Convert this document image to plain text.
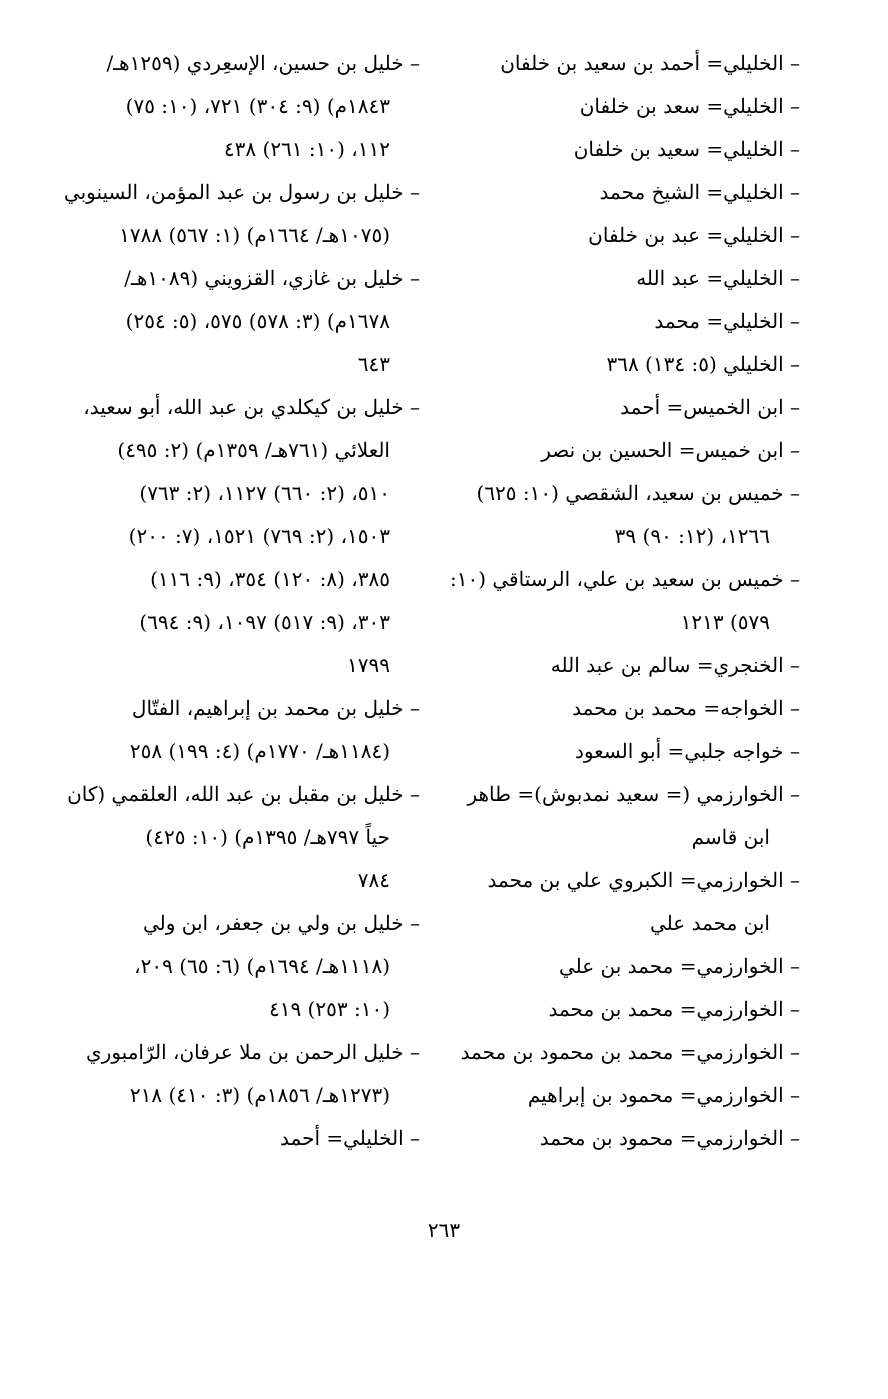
– خليل بن حسين، الإسعِردي (١٢٥٩هـ/
١٨٤٣م) (٩: ٣٠٤) ٧٢١، (١٠: ٧٥)
١١٢، (١٠: ٢٦١) ٤٣٨
– خليل بن رسول بن عبد المؤمن، السينوبي
(١٠٧٥هـ/ ١٦٦٤م) (١: ٥٦٧) ١٧٨٨
– خليل بن غازي، القزويني (١٠٨٩هـ/
١٦٧٨م) (٣: ٥٧٨) ٥٧٥، (٥: ٢٥٤)
٦٤٣
– خليل بن كيكلدي بن عبد الله، أبو سعيد،
العلائي (٧٦١هـ/ ١٣٥٩م) (٢: ٤٩٥)
٥١٠، (٢: ٦٦٠) ١١٢٧، (٢: ٧٦٣)
١٥٠٣، (٢: ٧٦٩) ١٥٢١، (٧: ٢٠٠)
٣٨٥، (٨: ١٢٠) ٣٥٤، (٩: ١١٦)
٣٠٣، (٩: ٥١٧) ١٠٩٧، (٩: ٦٩٤)
١٧٩٩
– خليل بن محمد بن إبراهيم، الفتّال
(١١٨٤هـ/ ١٧٧٠م) (٤: ١٩٩) ٢٥٨
– خليل بن مقبل بن عبد الله، العلقمي (كان
حياً ٧٩٧هـ/ ١٣٩٥م) (١٠: ٤٢٥)
٧٨٤
– خليل بن ولي بن جعفر، ابن ولي
(١١١٨هـ/ ١٦٩٤م) (٦: ٦٥) ٢٠٩،
(١٠: ٢٥٣) ٤١٩
– خليل الرحمن بن ملا عرفان، الرّامبوري
(١٢٧٣هـ/ ١٨٥٦م) (٣: ٤١٠) ٢١٨
– الخليلي= أحمد
– الخليلي= أحمد بن سعيد بن خلفان
– الخليلي= سعد بن خلفان
– الخليلي= سعيد بن خلفان
– الخليلي= الشيخ محمد
– الخليلي= عبد بن خلفان
– الخليلي= عبد الله
– الخليلي= محمد
– الخليلي (٥: ١٣٤) ٣٦٨
– ابن الخميس= أحمد
– ابن خميس= الحسين بن نصر
– خميس بن سعيد، الشقصي (١٠: ٦٢٥)
١٢٦٦، (١٢: ٩٠) ٣٩
– خميس بن سعيد بن علي، الرستاقي (١٠:
٥٧٩) ١٢١٣
– الخنجري= سالم بن عبد الله
– الخواجه= محمد بن محمد
– خواجه جلبي= أبو السعود
– الخوارزمي (= سعيد نمدبوش)= طاهر
ابن قاسم
– الخوارزمي= الكبروي علي بن محمد
ابن محمد علي
– الخوارزمي= محمد بن علي
– الخوارزمي= محمد بن محمد
– الخوارزمي= محمد بن محمود بن محمد
– الخوارزمي= محمود بن إبراهيم
– الخوارزمي= محمود بن محمد
٢٦٣
